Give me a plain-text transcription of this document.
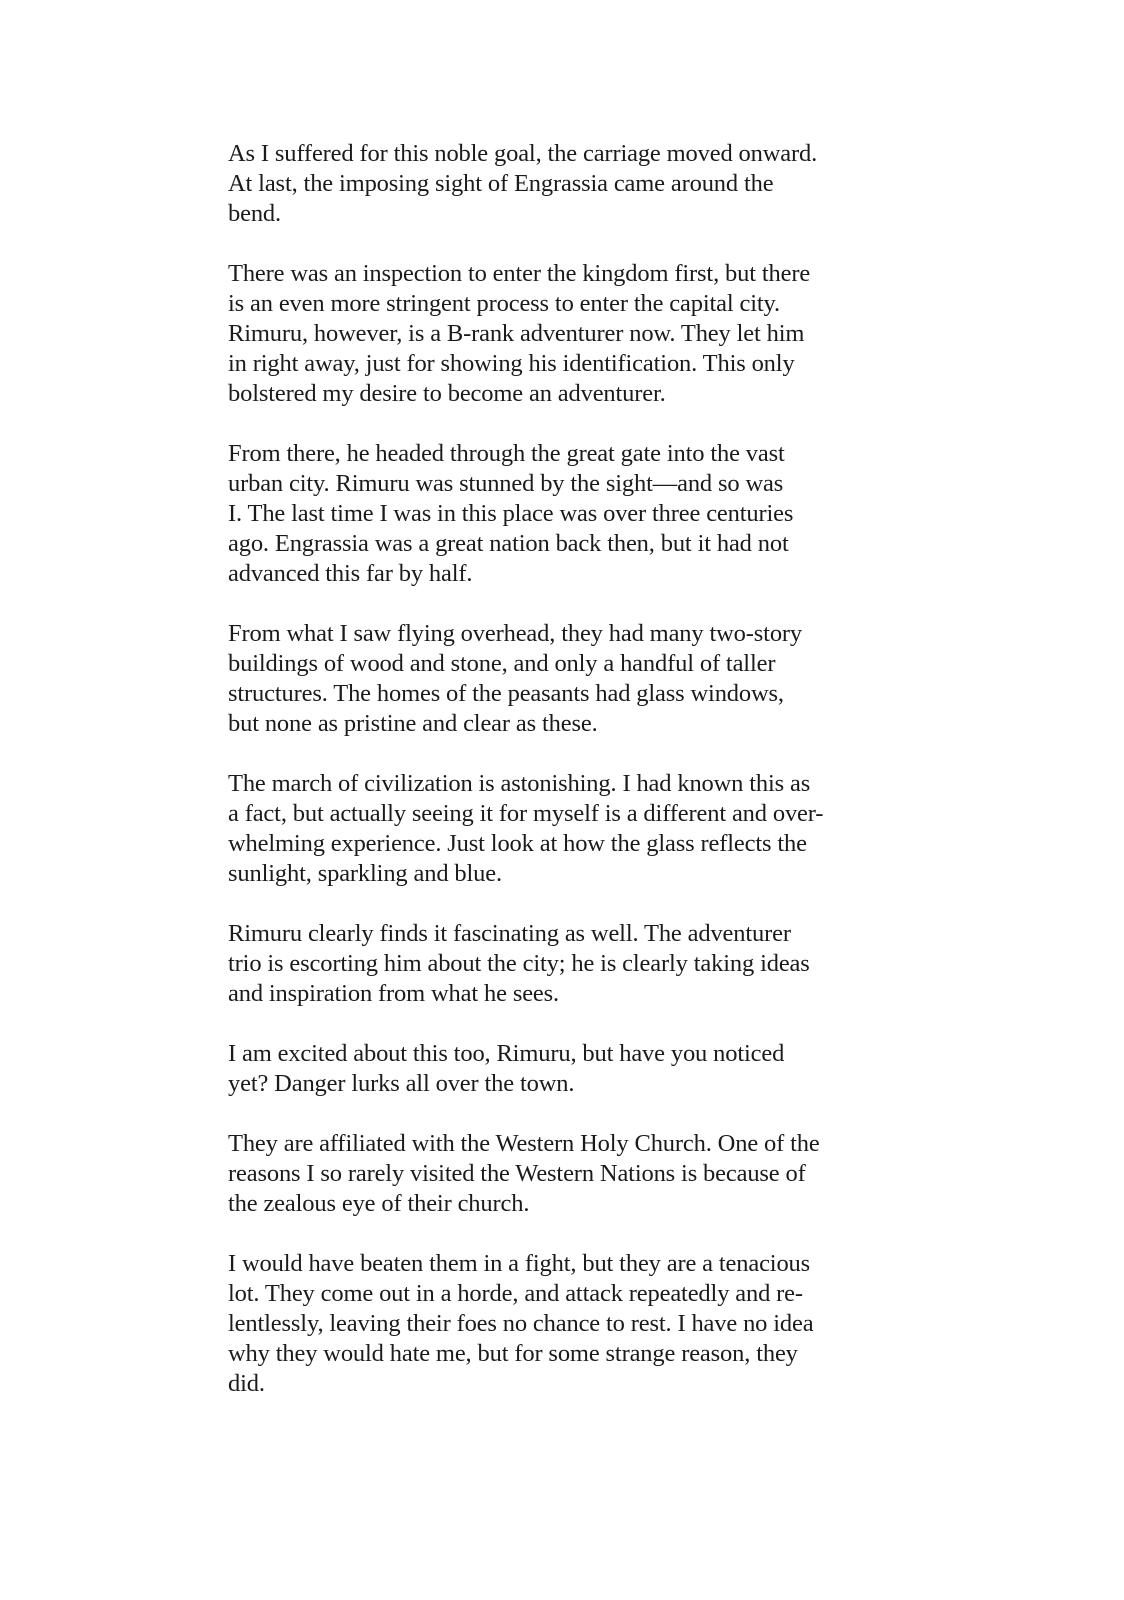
As I suffered for this noble goal, the carriage moved onward.
At last, the imposing sight of Engrassia came around the
bend.

There was an inspection to enter the kingdom first, but there
is an even more stringent process to enter the capital city.
Rimuru, however, is a B-rank adventurer now. They let him
in right away, just for showing his identification. This only
bolstered my desire to become an adventurer.

From there, he headed through the great gate into the vast
urban city. Rimuru was stunned by the sight—and so was
I. The last time I was in this place was over three centuries
ago. Engrassia was a great nation back then, but it had not
advanced this far by half.

From what I saw flying overhead, they had many two-story
buildings of wood and stone, and only a handful of taller
structures. The homes of the peasants had glass windows,
but none as pristine and clear as these.

The march of civilization is astonishing. I had known this as
a fact, but actually seeing it for myself is a different and over-
whelming experience. Just look at how the glass reflects the
sunlight, sparkling and blue.

Rimuru clearly finds it fascinating as well. The adventurer
trio is escorting him about the city; he is clearly taking ideas
and inspiration from what he sees.

I am excited about this too, Rimuru, but have you noticed
yet? Danger lurks all over the town.

They are affiliated with the Western Holy Church. One of the
reasons I so rarely visited the Western Nations is because of
the zealous eye of their church.

I would have beaten them in a fight, but they are a tenacious
lot. They come out in a horde, and attack repeatedly and re-
lentlessly, leaving their foes no chance to rest. I have no idea
why they would hate me, but for some strange reason, they
did.
